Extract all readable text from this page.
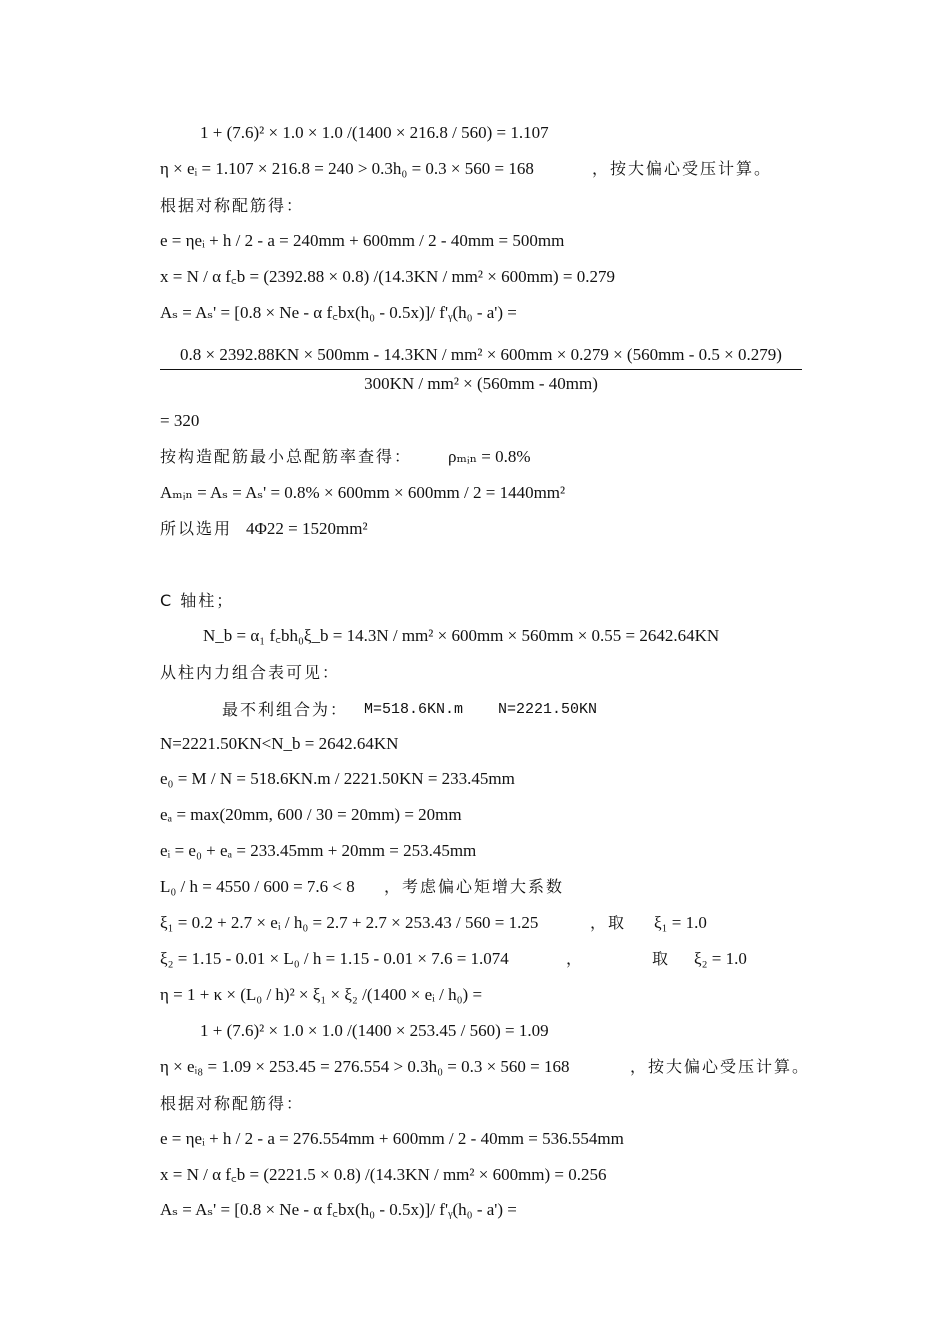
1 + (7.6)² × 1.0 × 1.0 /(1400 × 216.8 / 560) = 1.107
η × eᵢ = 1.107 × 216.8 = 240 > 0.3h₀ = 0.3 × 560 = 168	，按大偏心受压计算。
根据对称配筋得：
e = ηeᵢ + h / 2 - a = 240mm + 600mm / 2 - 40mm = 500mm
x = N / α f꜀b = (2392.88 × 0.8) /(14.3KN / mm² × 600mm) = 0.279
Aₛ = Aₛ' = [0.8 × Ne - α f꜀bx(h₀ - 0.5x)]/ f'ᵧ(h₀ - a') =
0.8 × 2392.88KN × 500mm - 14.3KN / mm² × 600mm × 0.279 × (560mm - 0.5 × 0.279)
300KN / mm² × (560mm - 40mm)
= 320
按构造配筋最小总配筋率查得： ρₘᵢₙ = 0.8%
Aₘᵢₙ = Aₛ = Aₛ' = 0.8% × 600mm × 600mm / 2 = 1440mm²
所以选用 4Φ22 = 1520mm²
C 轴柱；
N_b = α₁ f꜀bh₀ξ_b = 14.3N / mm² × 600mm × 560mm × 0.55 = 2642.64KN
从柱内力组合表可见：
最不利组合为： M=518.6KN.m N=2221.50KN
N=2221.50KN<N_b = 2642.64KN
e₀ = M / N = 518.6KN.m / 2221.50KN = 233.45mm
eₐ = max(20mm, 600 / 30 = 20mm) = 20mm
eᵢ = e₀ + eₐ = 233.45mm + 20mm = 253.45mm
L₀ / h = 4550 / 600 = 7.6 < 8 ，考虑偏心矩增大系数
ξ₁ = 0.2 + 2.7 × eᵢ / h₀ = 2.7 + 2.7 × 253.43 / 560 = 1.25	，取 ξ₁ = 1.0
ξ₂ = 1.15 - 0.01 × L₀ / h = 1.15 - 0.01 × 7.6 = 1.074	，	取 ξ₂ = 1.0
η = 1 + κ × (L₀ / h)² × ξ₁ × ξ₂ /(1400 × eᵢ / h₀) =
1 + (7.6)² × 1.0 × 1.0 /(1400 × 253.45 / 560) = 1.09
η × eᵢ₈ = 1.09 × 253.45 = 276.554 > 0.3h₀ = 0.3 × 560 = 168	，按大偏心受压计算。
根据对称配筋得：
e = ηeᵢ + h / 2 - a = 276.554mm + 600mm / 2 - 40mm = 536.554mm
x = N / α f꜀b = (2221.5 × 0.8) /(14.3KN / mm² × 600mm) = 0.256
Aₛ = Aₛ' = [0.8 × Ne - α f꜀bx(h₀ - 0.5x)]/ f'ᵧ(h₀ - a') =
